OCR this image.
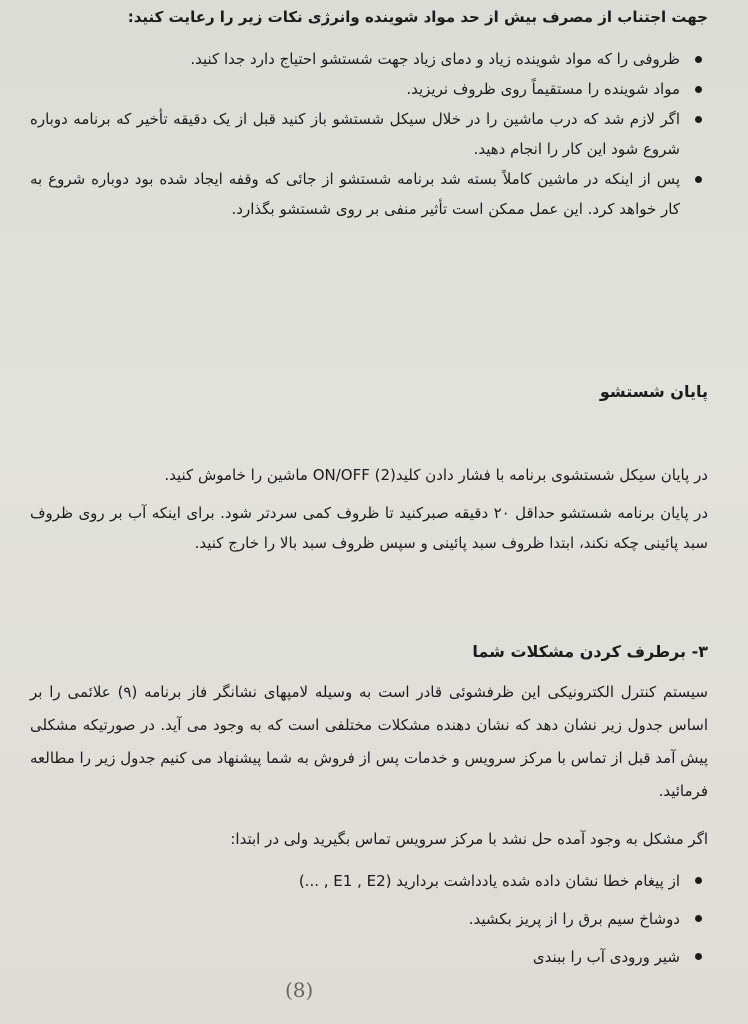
جهت اجتناب از مصرف بیش از حد مواد شوینده وانرژی نکات زیر را رعایت کنید:
ظروفی را که مواد شوینده زیاد و دمای زیاد جهت شستشو احتیاج دارد جدا کنید.
مواد شوینده را مستقیماً روی ظروف نریزید.
اگر لازم شد که درب ماشین را در خلال سیکل شستشو باز کنید قبل از یک دقیقه تأخیر که برنامه دوباره شروع شود این کار را انجام دهید.
پس از اینکه در ماشین کاملاً بسته شد برنامه شستشو از جائی که وقفه ایجاد شده بود دوباره شروع به کار خواهد کرد. این عمل ممکن است تأثیر منفی بر روی شستشو بگذارد.
پایان شستشو
در پایان سیکل شستشوی برنامه با فشار دادن کلید(2) ON/OFF ماشین را خاموش کنید.
در پایان برنامه شستشو حداقل ۲۰ دقیقه صبرکنید تا ظروف کمی سردتر شود. برای اینکه آب بر روی ظروف سبد پائینی چکه نکند، ابتدا ظروف سبد پائینی و سپس ظروف سبد بالا را خارج کنید.
۳- برطرف کردن مشکلات شما
سیستم کنترل الکترونیکی این ظرفشوئی قادر است به وسیله لامپهای نشانگر فاز برنامه (۹) علائمی را بر اساس جدول زیر نشان دهد که نشان دهنده مشکلات مختلفی است که به وجود می آید. در صورتیکه مشکلی پیش آمد قبل از تماس با مرکز سرویس و خدمات پس از فروش به شما پیشنهاد می کنیم جدول زیر را مطالعه فرمائید.
اگر مشکل به وجود آمده حل نشد با مرکز سرویس تماس بگیرید ولی در ابتدا:
از پیغام خطا نشان داده شده یادداشت بردارید (E1 , E2 , ...)
دوشاخ سیم برق را از پریز بکشید.
شیر ورودی آب را ببندی
(8)
